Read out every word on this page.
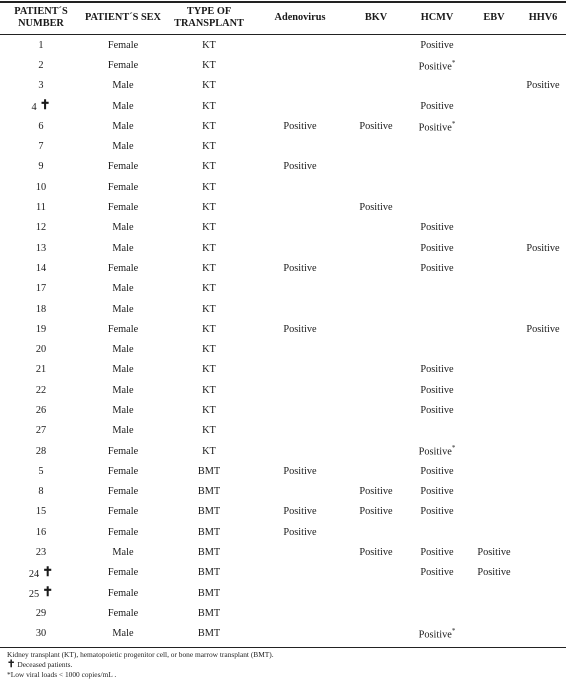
PATIENT´S NUMBER	PATIENT´S SEX	TYPE OF TRANSPLANT	Adenovirus	BKV	HCMV	EBV	HHV6
1	Female	KT			Positive		
2	Female	KT			Positive*		
3	Male	KT					Positive
4 ✝	Male	KT			Positive		
6	Male	KT	Positive	Positive	Positive*		
7	Male	KT					
9	Female	KT	Positive				
10	Female	KT					
11	Female	KT		Positive			
12	Male	KT			Positive		
13	Male	KT			Positive		Positive
14	Female	KT	Positive		Positive		
17	Male	KT					
18	Male	KT					
19	Female	KT	Positive				Positive
20	Male	KT					
21	Male	KT			Positive		
22	Male	KT			Positive		
26	Male	KT			Positive		
27	Male	KT					
28	Female	KT			Positive*		
5	Female	BMT	Positive		Positive		
8	Female	BMT		Positive	Positive		
15	Female	BMT	Positive	Positive	Positive		
16	Female	BMT	Positive				
23	Male	BMT		Positive	Positive	Positive	
24 ✝	Female	BMT			Positive	Positive	
25 ✝	Female	BMT					
29	Female	BMT					
30	Male	BMT			Positive*		
Kidney transplant (KT), hematopoietic progenitor cell, or bone marrow transplant (BMT).
✝ Deceased patients.
*Low viral loads < 1000 copies/mL .
